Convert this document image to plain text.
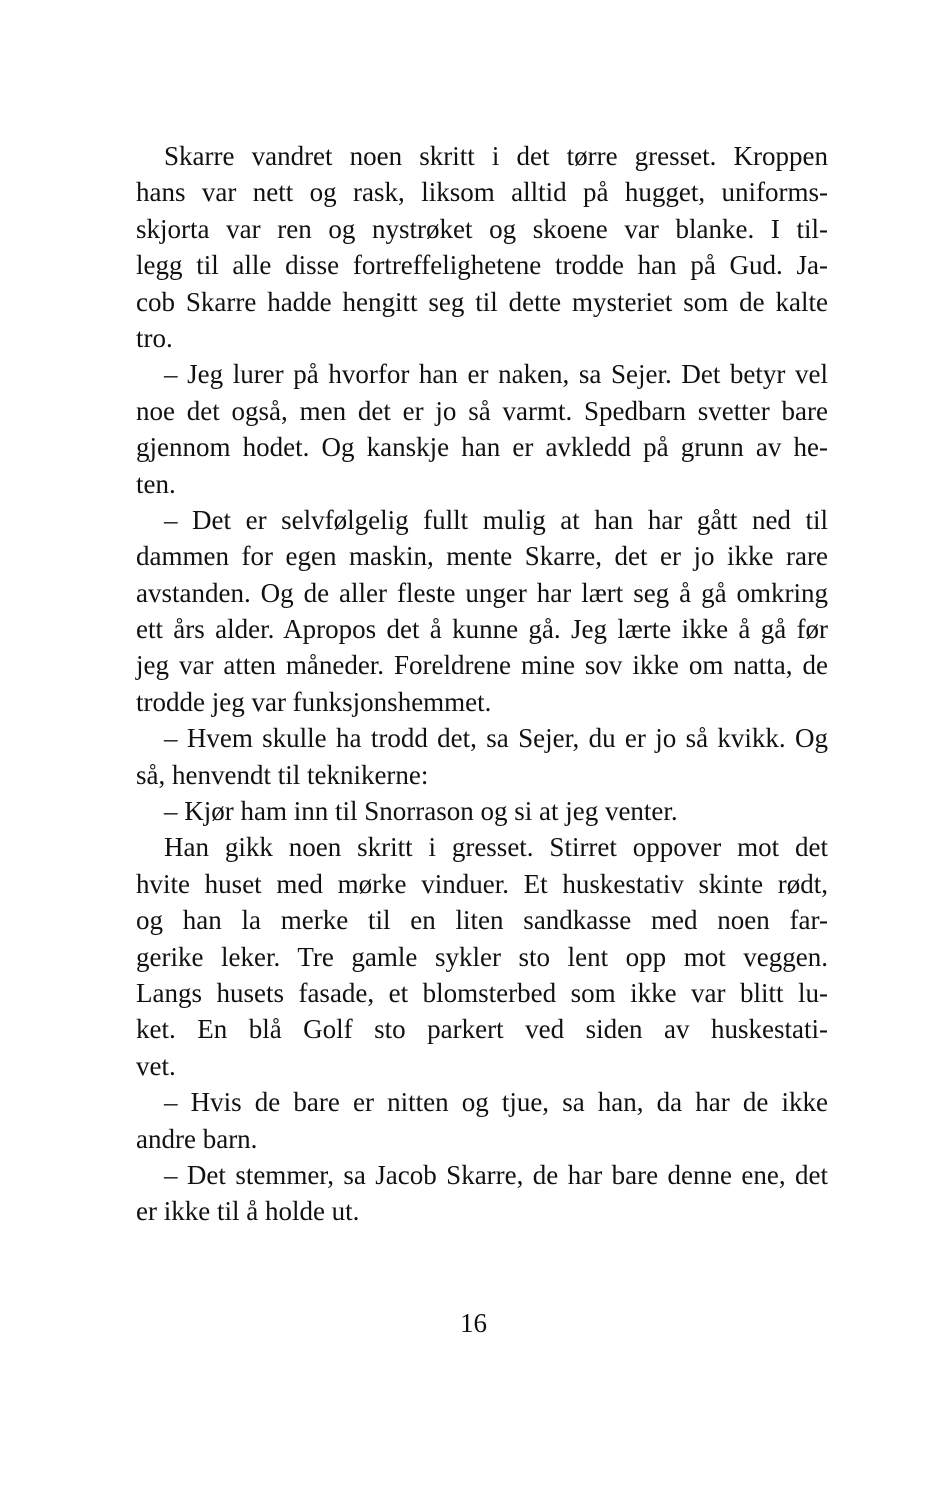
Skarre vandret noen skritt i det tørre gresset. Kroppen
hans var nett og rask, liksom alltid på hugget, uniforms-
skjorta var ren og nystrøket og skoene var blanke. I til-
legg til alle disse fortreffelighetene trodde han på Gud. Ja-
cob Skarre hadde hengitt seg til dette mysteriet som de kalte
tro.
– Jeg lurer på hvorfor han er naken, sa Sejer. Det betyr vel
noe det også, men det er jo så varmt. Spedbarn svetter bare
gjennom hodet. Og kanskje han er avkledd på grunn av he-
ten.
– Det er selvfølgelig fullt mulig at han har gått ned til
dammen for egen maskin, mente Skarre, det er jo ikke rare
avstanden. Og de aller fleste unger har lært seg å gå omkring
ett års alder. Apropos det å kunne gå. Jeg lærte ikke å gå før
jeg var atten måneder. Foreldrene mine sov ikke om natta, de
trodde jeg var funksjonshemmet.
– Hvem skulle ha trodd det, sa Sejer, du er jo så kvikk. Og
så, henvendt til teknikerne:
– Kjør ham inn til Snorrason og si at jeg venter.
Han gikk noen skritt i gresset. Stirret oppover mot det
hvite huset med mørke vinduer. Et huskestativ skinte rødt,
og han la merke til en liten sandkasse med noen far-
gerike leker. Tre gamle sykler sto lent opp mot veggen.
Langs husets fasade, et blomsterbed som ikke var blitt lu-
ket. En blå Golf sto parkert ved siden av huskestati-
vet.
– Hvis de bare er nitten og tjue, sa han, da har de ikke
andre barn.
– Det stemmer, sa Jacob Skarre, de har bare denne ene, det
er ikke til å holde ut.
16
